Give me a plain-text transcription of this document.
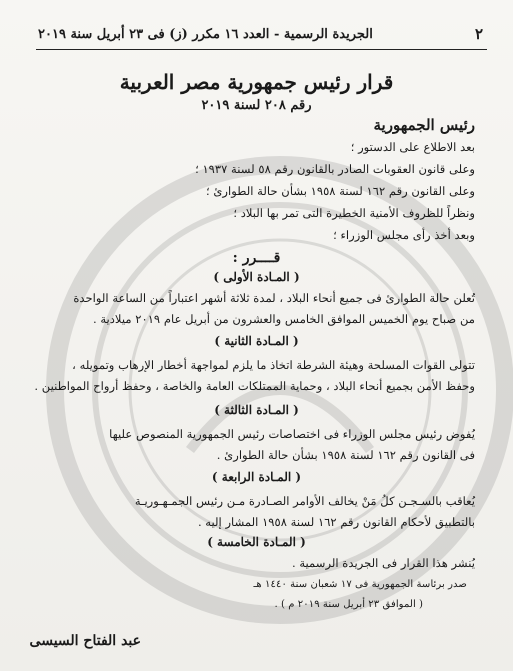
٢
الجريدة الرسمية - العدد ١٦ مكرر (ز) فى ٢٣ أبريل سنة ٢٠١٩
قرار رئيس جمهورية مصر العربية
رقم ٢٠٨ لسنة ٢٠١٩
رئيس الجمهورية
بعد الاطلاع على الدستور ؛
وعلى قانون العقوبات الصادر بالقانون رقم ٥٨ لسنة ١٩٣٧ ؛
وعلى القانون رقم ١٦٢ لسنة ١٩٥٨ بشأن حالة الطوارئ ؛
ونظراً للظروف الأمنية الخطيرة التى تمر بها البلاد ؛
وبعد أخذ رأى مجلس الوزراء ؛
قــــرر :
( المـادة الأولى )
تُعلن حالة الطوارئ فى جميع أنحاء البلاد ، لمدة ثلاثة أشهر اعتباراً من الساعة الواحدة
من صباح يوم الخميس الموافق الخامس والعشرون من أبريل عام ٢٠١٩ ميلادية .
( المـادة الثانية )
تتولى القوات المسلحة وهيئة الشرطة اتخاذ ما يلزم لمواجهة أخطار الإرهاب وتمويله ،
وحفظ الأمن بجميع أنحاء البلاد ، وحماية الممتلكات العامة والخاصة ، وحفظ أرواح المواطنين .
( المـادة الثالثة )
يُفوض رئيس مجلس الوزراء فى اختصاصات رئيس الجمهورية المنصوص عليها
فى القانون رقم ١٦٢ لسنة ١٩٥٨ بشأن حالة الطوارئ .
( المـادة الرابعة )
يُعاقب بالسـجـن كلُ مَنْ يخالف الأوامر الصـادرة مـن رئيس الجمـهـوريـة
بالتطبيق لأحكام القانون رقم ١٦٢ لسنة ١٩٥٨ المشار إليه .
( المـادة الخامسة )
يُنشر هذا القرار فى الجريدة الرسمية .
صدر برئاسة الجمهورية فى ١٧ شعبان سنة ١٤٤٠ هـ
( الموافق ٢٣ أبريل سنة ٢٠١٩ م ) .
عبد الفتاح السيسى
